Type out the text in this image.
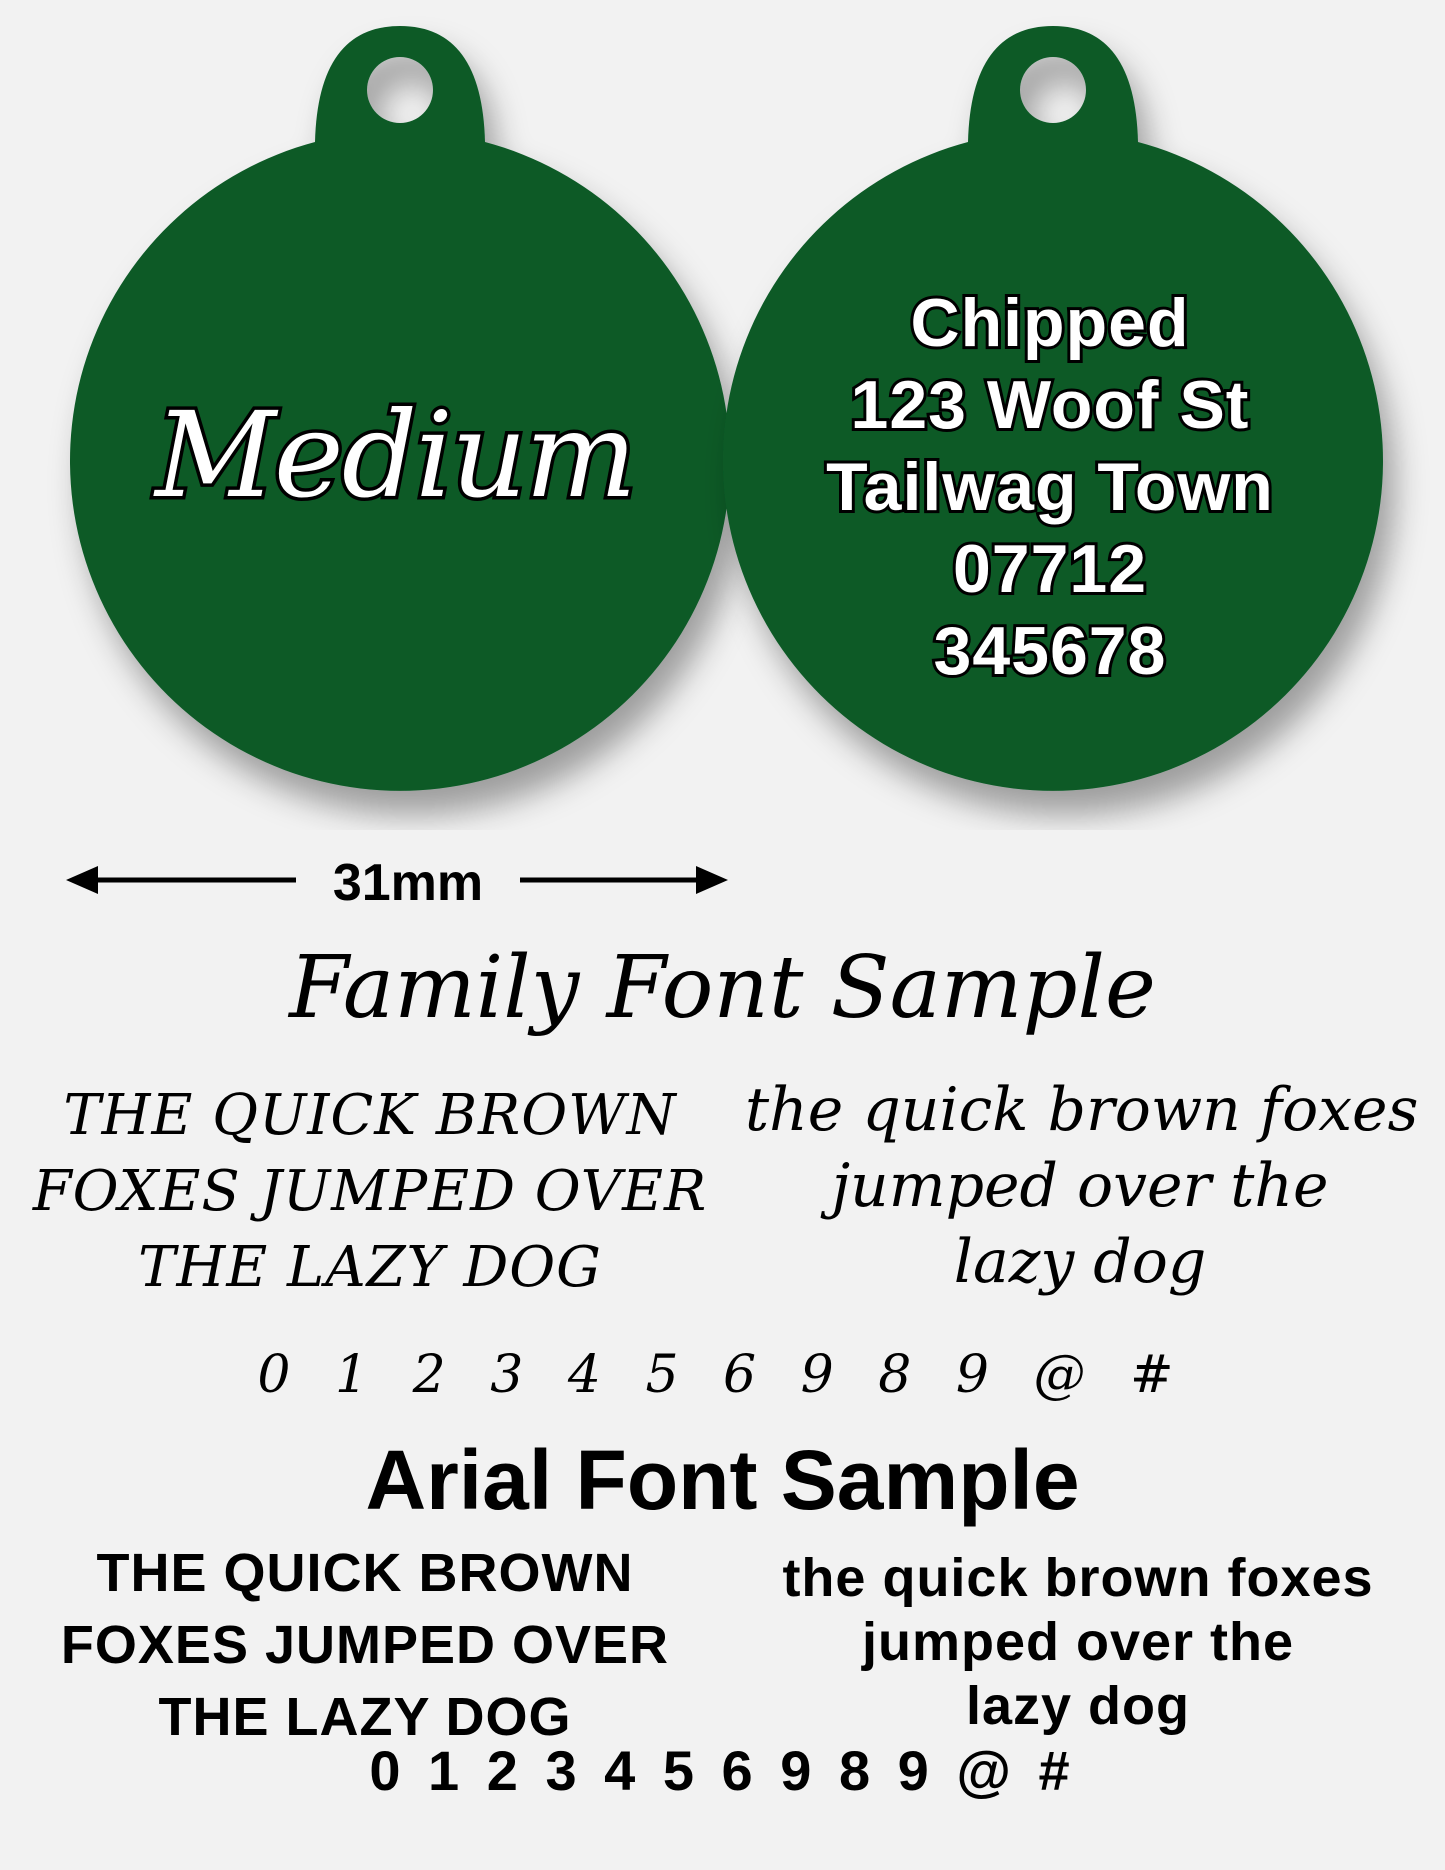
Medium
Chipped
123 Woof St
Tailwag Town
07712
345678
31mm
Family Font Sample
THE QUICK BROWN
FOXES JUMPED OVER
THE LAZY DOG
the quick brown foxes
jumped over the
lazy dog
0 1 2 3 4 5 6 9 8 9 @ #
Arial Font Sample
THE QUICK BROWN
FOXES JUMPED OVER
THE LAZY DOG
the quick brown foxes
jumped over the
lazy dog
0 1 2 3 4 5 6 9 8 9 @ #
